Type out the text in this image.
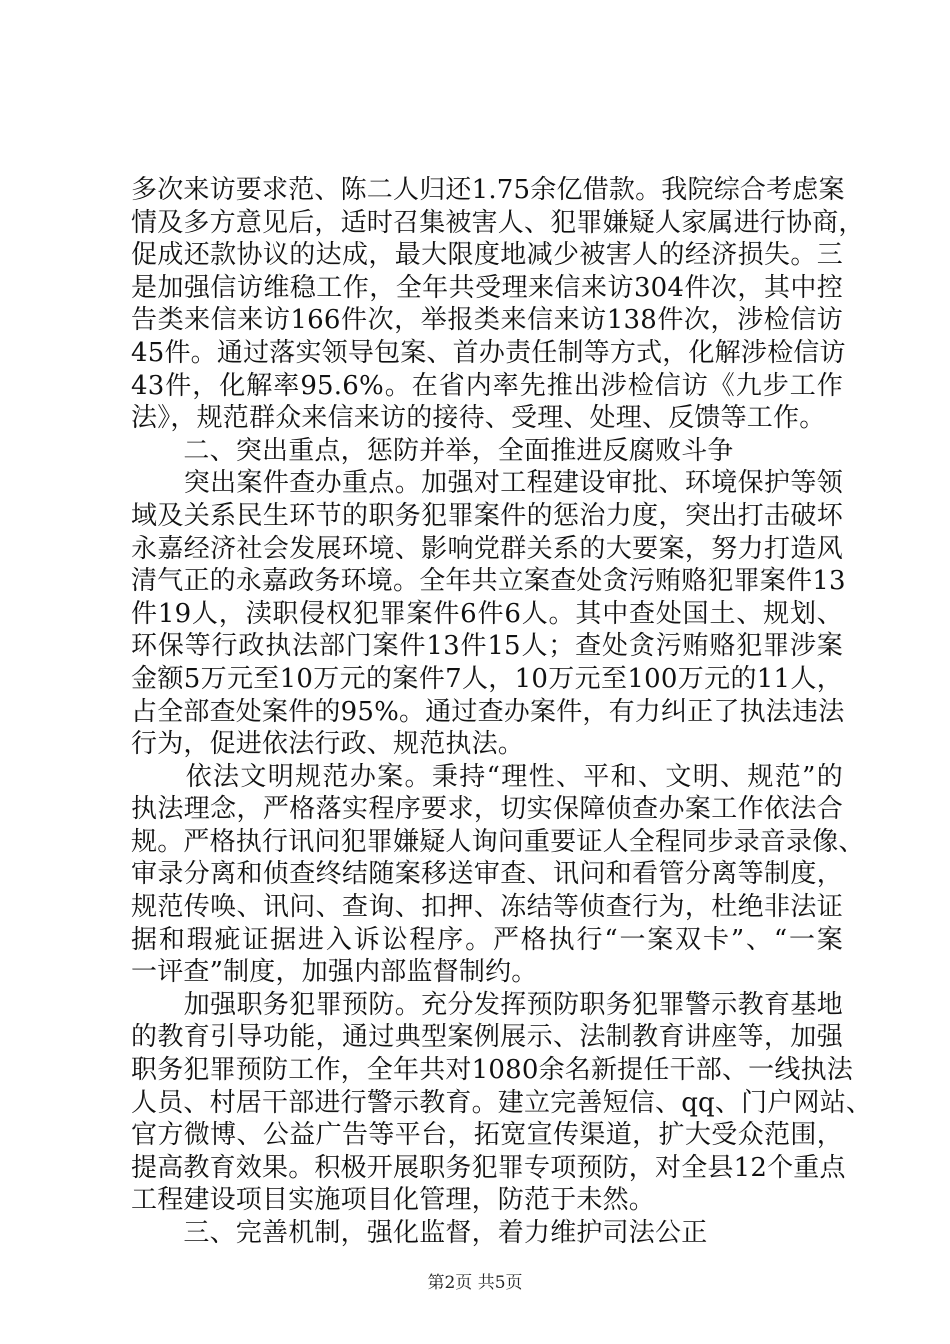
多次来访要求范、陈二人归还1.75余亿借款。我院综合考虑案
情及多方意见后，适时召集被害人、犯罪嫌疑人家属进行协商，
促成还款协议的达成，最大限度地减少被害人的经济损失。三
是加强信访维稳工作，全年共受理来信来访304件次，其中控
告类来信来访166件次，举报类来信来访138件次，涉检信访
45件。通过落实领导包案、首办责任制等方式，化解涉检信访
43件，化解率95.6%。在省内率先推出涉检信访《九步工作
法》，规范群众来信来访的接待、受理、处理、反馈等工作。
　　二、突出重点，惩防并举，全面推进反腐败斗争
　　突出案件查办重点。加强对工程建设审批、环境保护等领
域及关系民生环节的职务犯罪案件的惩治力度，突出打击破坏
永嘉经济社会发展环境、影响党群关系的大要案，努力打造风
清气正的永嘉政务环境。全年共立案查处贪污贿赂犯罪案件13
件19人，渎职侵权犯罪案件6件6人。其中查处国土、规划、
环保等行政执法部门案件13件15人；查处贪污贿赂犯罪涉案
金额5万元至10万元的案件7人，10万元至100万元的11人，
占全部查处案件的95%。通过查办案件，有力纠正了执法违法
行为，促进依法行政、规范执法。
　　依法文明规范办案。秉持“理性、平和、文明、规范”的
执法理念，严格落实程序要求，切实保障侦查办案工作依法合
规。严格执行讯问犯罪嫌疑人询问重要证人全程同步录音录像、
审录分离和侦查终结随案移送审查、讯问和看管分离等制度，
规范传唤、讯问、查询、扣押、冻结等侦查行为，杜绝非法证
据和瑕疵证据进入诉讼程序。严格执行“一案双卡”、“一案
一评查”制度，加强内部监督制约。
　　加强职务犯罪预防。充分发挥预防职务犯罪警示教育基地
的教育引导功能，通过典型案例展示、法制教育讲座等，加强
职务犯罪预防工作，全年共对1080余名新提任干部、一线执法
人员、村居干部进行警示教育。建立完善短信、qq、门户网站、
官方微博、公益广告等平台，拓宽宣传渠道，扩大受众范围，
提高教育效果。积极开展职务犯罪专项预防，对全县12个重点
工程建设项目实施项目化管理，防范于未然。
　　三、完善机制，强化监督，着力维护司法公正
第2页 共5页
